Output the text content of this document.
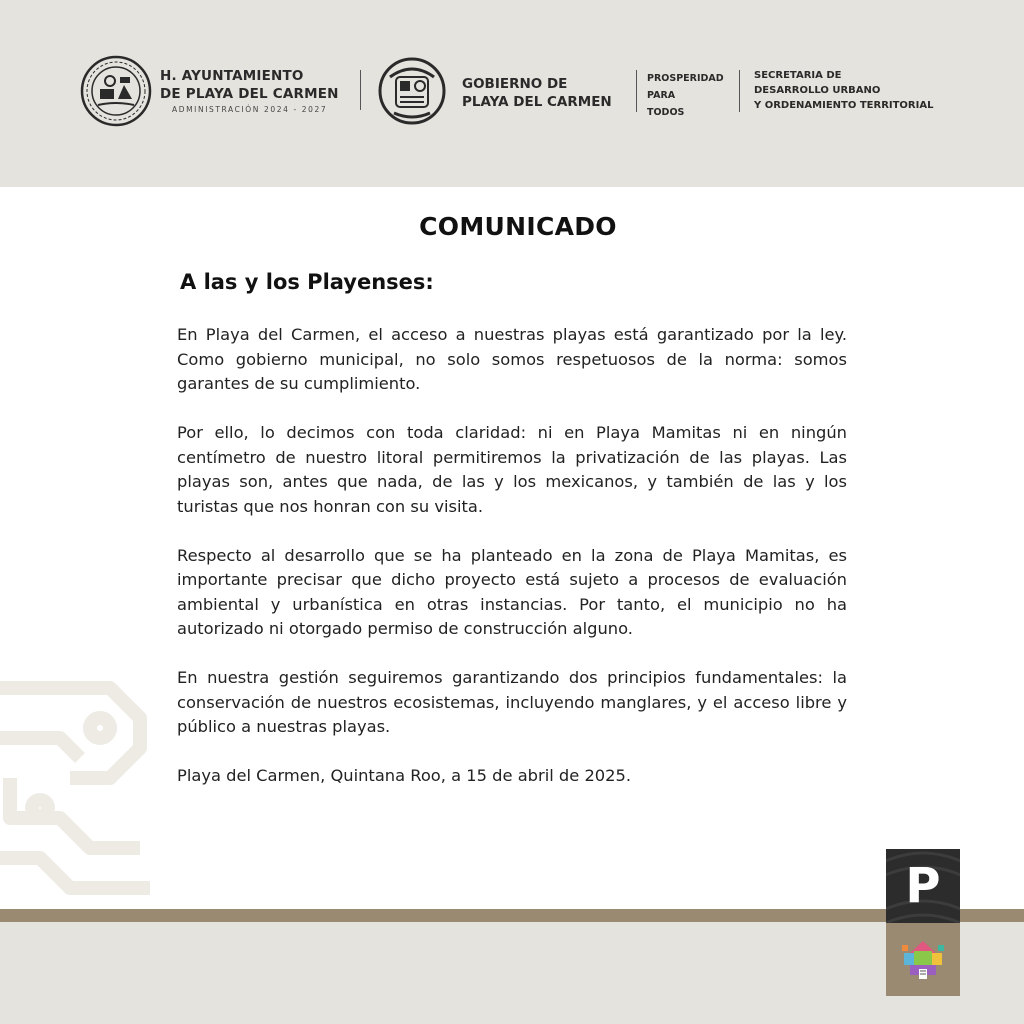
H. AYUNTAMIENTO
DE PLAYA DEL CARMEN
ADMINISTRACIÓN 2024 - 2027
GOBIERNO DE
PLAYA DEL CARMEN
PROSPERIDAD
PARA
TODOS
SECRETARIA DE
DESARROLLO URBANO
Y ORDENAMIENTO TERRITORIAL
COMUNICADO
A las y los Playenses:

En Playa del Carmen, el acceso a nuestras playas está garantizado por la ley. Como gobierno municipal, no solo somos respetuosos de la norma: somos garantes de su cumplimiento.

Por ello, lo decimos con toda claridad: ni en Playa Mamitas ni en ningún centímetro de nuestro litoral permitiremos la privatización de las playas. Las playas son, antes que nada, de las y los mexicanos, y también de las y los turistas que nos honran con su visita.

Respecto al desarrollo que se ha planteado en la zona de Playa Mamitas, es importante precisar que dicho proyecto está sujeto a procesos de evaluación ambiental y urbanística en otras instancias. Por tanto, el municipio no ha autorizado ni otorgado permiso de construcción alguno.

En nuestra gestión seguiremos garantizando dos principios fundamentales: la conservación de nuestros ecosistemas, incluyendo manglares, y el acceso libre y público a nuestras playas.

Playa del Carmen, Quintana Roo, a 15 de abril de 2025.

P
